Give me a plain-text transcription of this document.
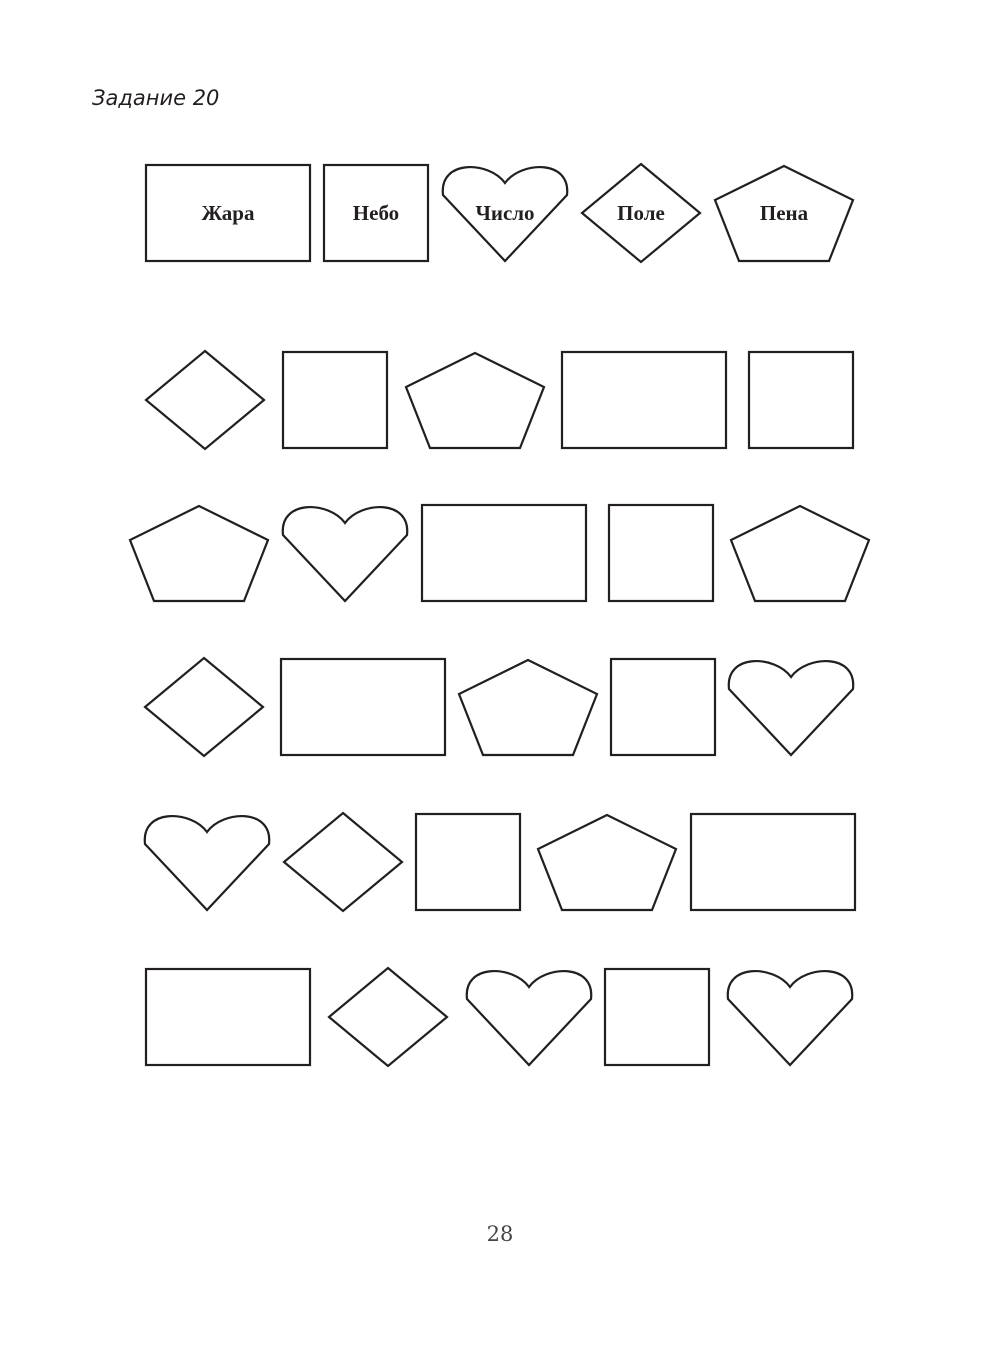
Задание 20
Жара	Небо	Число	Поле	Пена
28
